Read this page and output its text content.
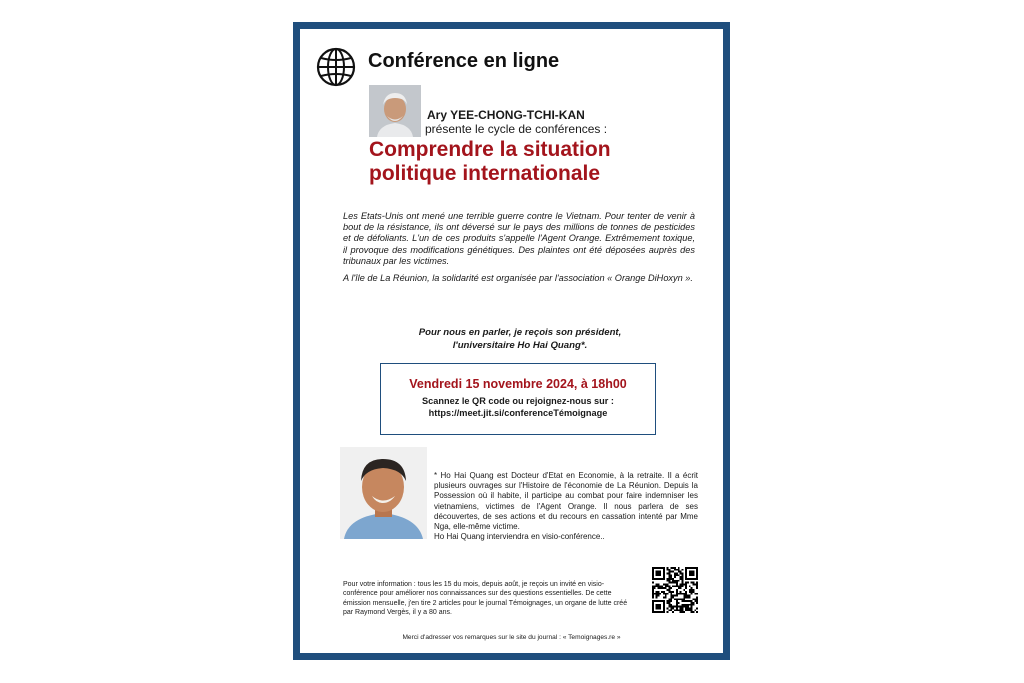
Conférence en ligne
Ary YEE-CHONG-TCHI-KAN
présente le cycle de conférences :
Comprendre la situation
politique internationale

Les Etats-Unis ont mené une terrible guerre contre le Vietnam. Pour tenter de venir à bout de la résistance, ils ont déversé sur le pays des millions de tonnes de pesticides et de défoliants. L'un de ces produits s'appelle l'Agent Orange. Extrêmement toxique, il provoque des modifications génétiques. Des plaintes ont été déposées auprès des tribunaux par les victimes.

A l'île de La Réunion, la solidarité est organisée par l'association « Orange DiHoxyn ».

Pour nous en parler, je reçois son président,
l'universitaire Ho Hai Quang*.
Vendredi 15 novembre 2024, à 18h00
Scannez le QR code ou rejoignez-nous sur :
https://meet.jit.si/conferenceTémoignage

* Ho Hai Quang est Docteur d'Etat en Economie, à la retraite. Il a écrit plusieurs ouvrages sur l'Histoire de l'économie de La Réunion. Depuis la Possession où il habite, il participe au combat pour faire indemniser les vietnamiens, victimes de l'Agent Orange. Il nous parlera de ses découvertes, de ses actions et du recours en cassation intenté par Mme Nga, elle-même victime.

Ho Hai Quang interviendra en visio-conférence..

Pour votre information : tous les 15 du mois, depuis août, je reçois un invité en visio-conférence pour améliorer nos connaissances sur des questions essentielles. De cette émission mensuelle, j'en tire 2 articles pour le journal Témoignages, un organe de lutte créé par Raymond Vergès, il y a 80 ans.
Merci d'adresser vos remarques sur le site du journal : « Temoignages.re »
